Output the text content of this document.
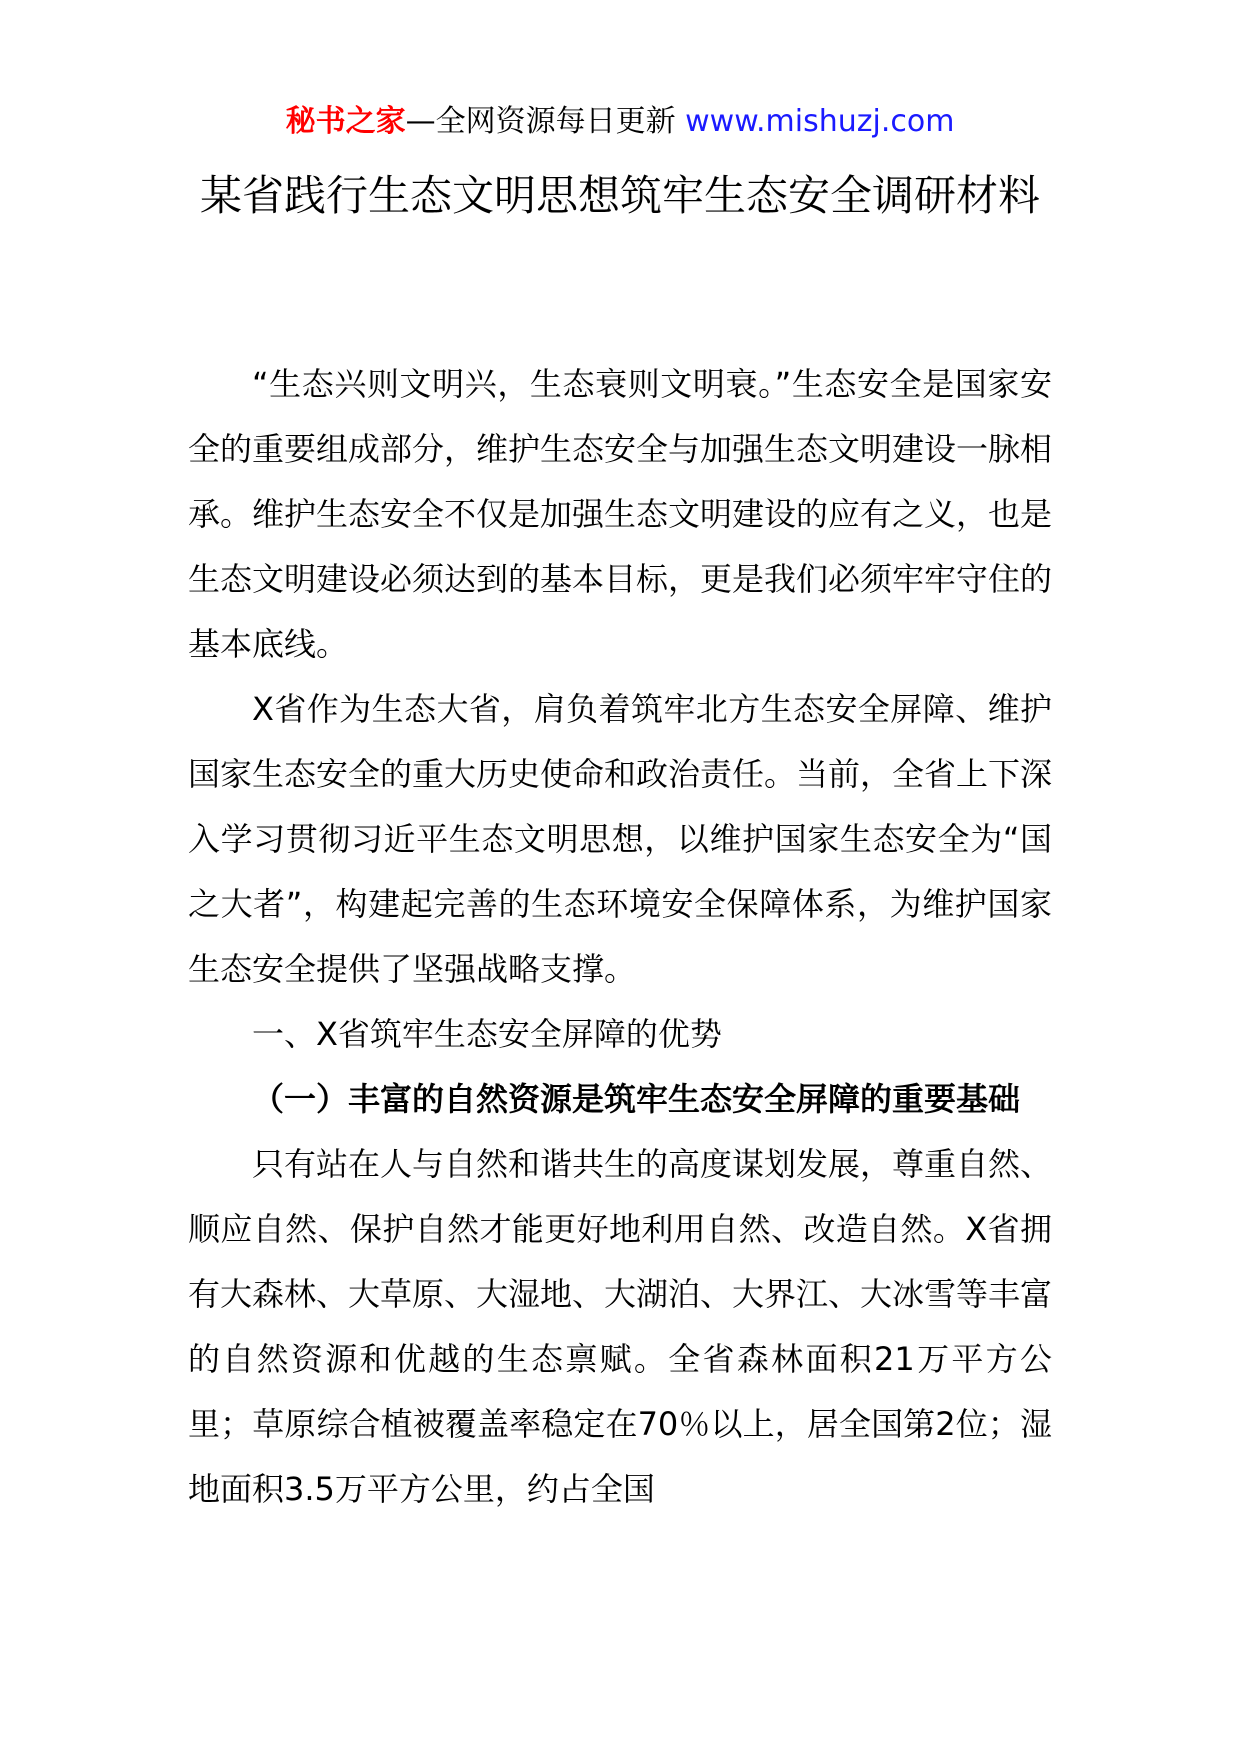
秘书之家—全网资源每日更新 www.mishuzj.com
某省践行生态文明思想筑牢生态安全调研材料

“生态兴则文明兴，生态衰则文明衰。”生态安全是国家安全的重要组成部分，维护生态安全与加强生态文明建设一脉相承。维护生态安全不仅是加强生态文明建设的应有之义，也是生态文明建设必须达到的基本目标，更是我们必须牢牢守住的基本底线。

X省作为生态大省，肩负着筑牢北方生态安全屏障、维护国家生态安全的重大历史使命和政治责任。当前，全省上下深入学习贯彻习近平生态文明思想，以维护国家生态安全为“国之大者”，构建起完善的生态环境安全保障体系，为维护国家生态安全提供了坚强战略支撑。

一、X省筑牢生态安全屏障的优势

（一）丰富的自然资源是筑牢生态安全屏障的重要基础

只有站在人与自然和谐共生的高度谋划发展，尊重自然、顺应自然、保护自然才能更好地利用自然、改造自然。X省拥有大森林、大草原、大湿地、大湖泊、大界江、大冰雪等丰富的自然资源和优越的生态禀赋。全省森林面积21万平方公里；草原综合植被覆盖率稳定在70％以上，居全国第2位；湿地面积3.5万平方公里，约占全国
